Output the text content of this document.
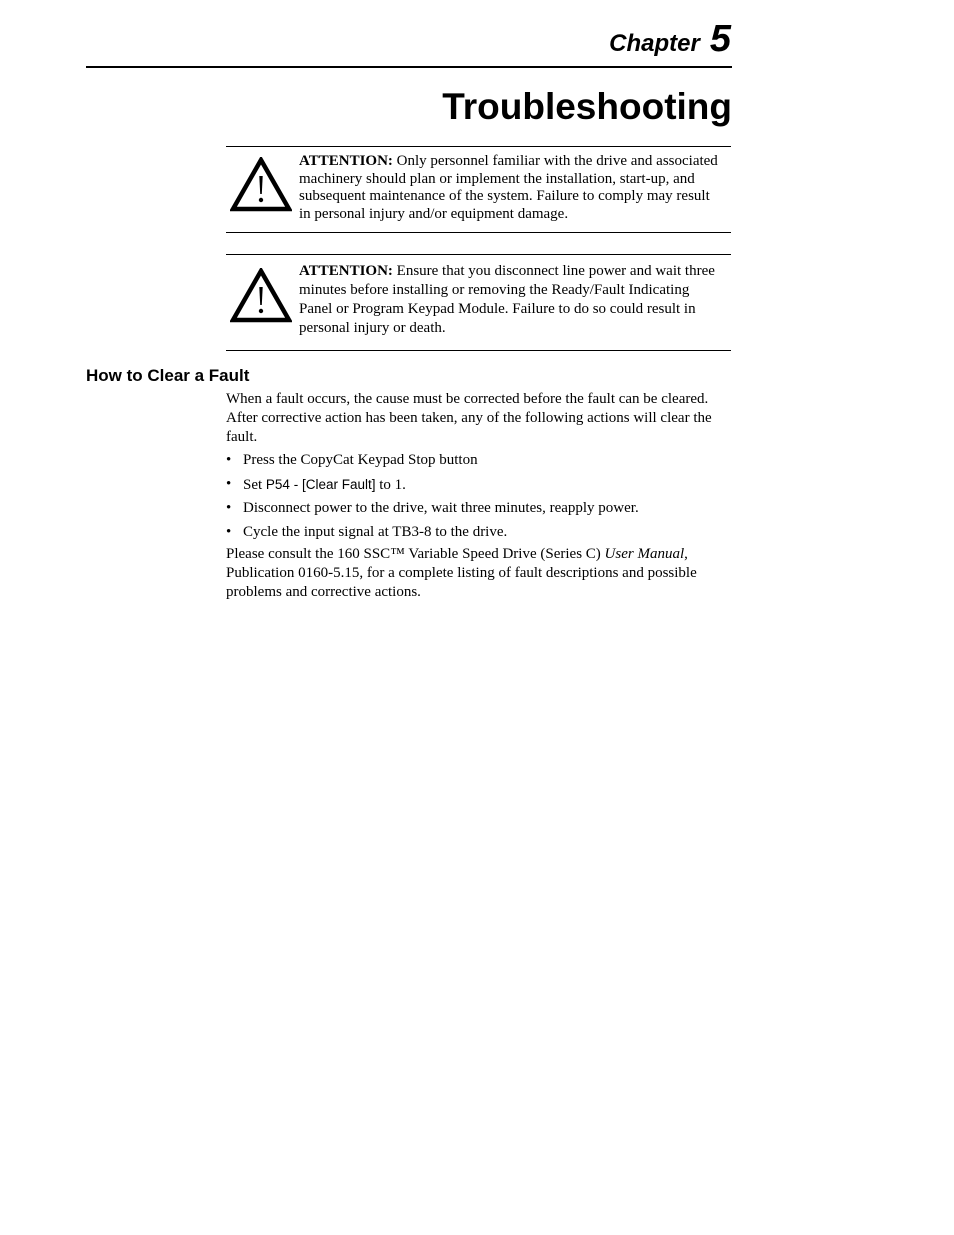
Chapter 5
Troubleshooting
ATTENTION: Only personnel familiar with the drive and associated machinery should plan or implement the installation, start-up, and subsequent maintenance of the system. Failure to comply may result in personal injury and/or equipment damage.
ATTENTION: Ensure that you disconnect line power and wait three minutes before installing or removing the Ready/Fault Indicating Panel or Program Keypad Module. Failure to do so could result in personal injury or death.
How to Clear a Fault

When a fault occurs, the cause must be corrected before the fault can be cleared. After corrective action has been taken, any of the following actions will clear the fault.

• Press the CopyCat Keypad Stop button
• Set P54 - [Clear Fault] to 1.
• Disconnect power to the drive, wait three minutes, reapply power.
• Cycle the input signal at TB3-8 to the drive.

Please consult the 160 SSC™ Variable Speed Drive (Series C) User Manual, Publication 0160-5.15, for a complete listing of fault descriptions and possible problems and corrective actions.
